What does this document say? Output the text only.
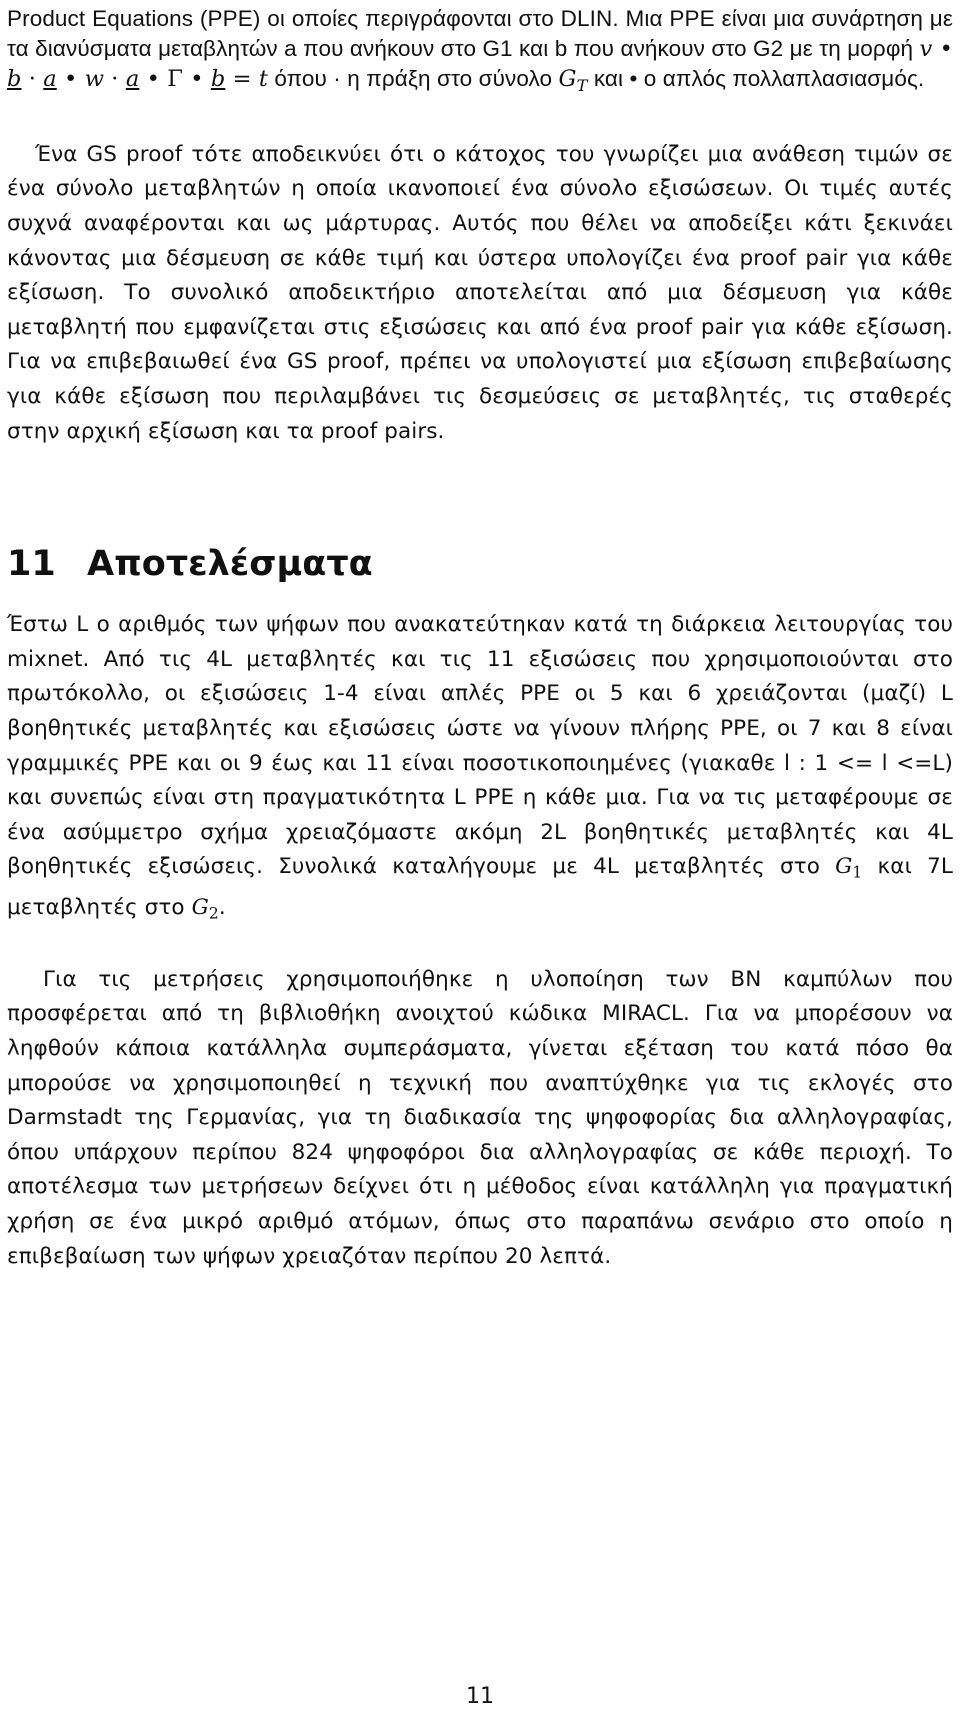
Product Equations (PPE) οι οποίες περιγράφονται στο DLIN. Μια PPE είναι μια συνάρτηση με τα διανύσματα μεταβλητών a που ανήκουν στο G1 και b που ανήκουν στο G2 με τη μορφή v • b · a • w · a • Γ • b = t όπου · η πράξη στο σύνολο $G_T$ και • ο απλός πολλαπλασιασμός.

Ένα GS proof τότε αποδεικνύει ότι ο κάτοχος του γνωρίζει μια ανάθεση τιμών σε ένα σύνολο μεταβλητών η οποία ικανοποιεί ένα σύνολο εξισώσεων. Οι τιμές αυτές συχνά αναφέρονται και ως μάρτυρας. Αυτός που θέλει να αποδείξει κάτι ξεκινάει κάνοντας μια δέσμευση σε κάθε τιμή και ύστερα υπολογίζει ένα proof pair για κάθε εξίσωση. Το συνολικό αποδεικτήριο αποτελείται από μια δέσμευση για κάθε μεταβλητή που εμφανίζεται στις εξισώσεις και από ένα proof pair για κάθε εξίσωση. Για να επιβεβαιωθεί ένα GS proof, πρέπει να υπολογιστεί μια εξίσωση επιβεβαίωσης για κάθε εξίσωση που περιλαμβάνει τις δεσμεύσεις σε μεταβλητές, τις σταθερές στην αρχική εξίσωση και τα proof pairs.

11 Αποτελέσματα

Έστω L ο αριθμός των ψήφων που ανακατεύτηκαν κατά τη διάρκεια λειτουργίας του mixnet. Από τις 4L μεταβλητές και τις 11 εξισώσεις που χρησιμοποιούνται στο πρωτόκολλο, οι εξισώσεις 1-4 είναι απλές PPE οι 5 και 6 χρειάζονται (μαζί) L βοηθητικές μεταβλητές και εξισώσεις ώστε να γίνουν πλήρης PPE, οι 7 και 8 είναι γραμμικές PPE και οι 9 έως και 11 είναι ποσοτικοποιημένες (γιακαθε l : 1 <= l <=L) και συνεπώς είναι στη πραγματικότητα L PPE η κάθε μια. Για να τις μεταφέρουμε σε ένα ασύμμετρο σχήμα χρειαζόμαστε ακόμη 2L βοηθητικές μεταβλητές και 4L βοηθητικές εξισώσεις. Συνολικά καταλήγουμε με 4L μεταβλητές στο $G_1$ και 7L μεταβλητές στο $G_2$.

Για τις μετρήσεις χρησιμοποιήθηκε η υλοποίηση των BN καμπύλων που προσφέρεται από τη βιβλιοθήκη ανοιχτού κώδικα MIRACL. Για να μπορέσουν να ληφθούν κάποια κατάλληλα συμπεράσματα, γίνεται εξέταση του κατά πόσο θα μπορούσε να χρησιμοποιηθεί η τεχνική που αναπτύχθηκε για τις εκλογές στο Darmstadt της Γερμανίας, για τη διαδικασία της ψηφοφορίας δια αλληλογραφίας, όπου υπάρχουν περίπου 824 ψηφοφόροι δια αλληλογραφίας σε κάθε περιοχή. Το αποτέλεσμα των μετρήσεων δείχνει ότι η μέθοδος είναι κατάλληλη για πραγματική χρήση σε ένα μικρό αριθμό ατόμων, όπως στο παραπάνω σενάριο στο οποίο η επιβεβαίωση των ψήφων χρειαζόταν περίπου 20 λεπτά.

11
